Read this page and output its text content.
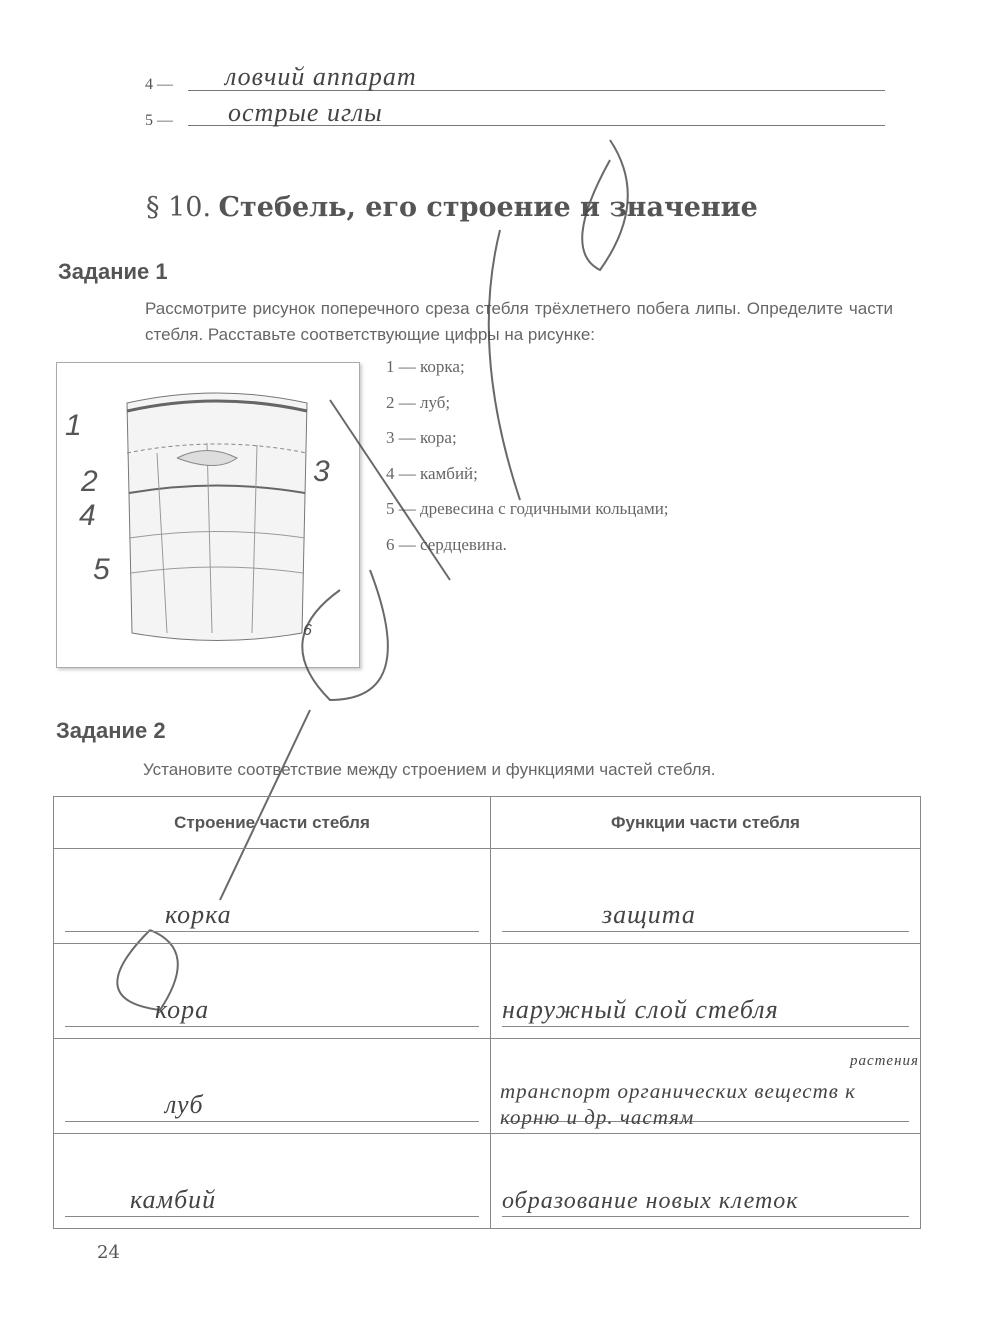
4 — ловчий аппарат
5 — острые иглы
§ 10. Стебель, его строение и значение
Задание 1
Рассмотрите рисунок поперечного среза стебля трёхлетнего побега липы. Определите части стебля. Расставьте соответствующие цифры на рисунке:
1
2	3
4
5
6
1 — корка;
2 — луб;
3 — кора;
4 — камбий;
5 — древесина с годичными кольцами;
6 — сердцевина.
Задание 2
Установите соответствие между строением и функциями частей стебля.
Строение части стебля	Функции части стебля

корка	защита

кора	наружный слой стебля

луб	транспорт органических веществ к корню и др. частям
растения

камбий	образование новых клеток
24
